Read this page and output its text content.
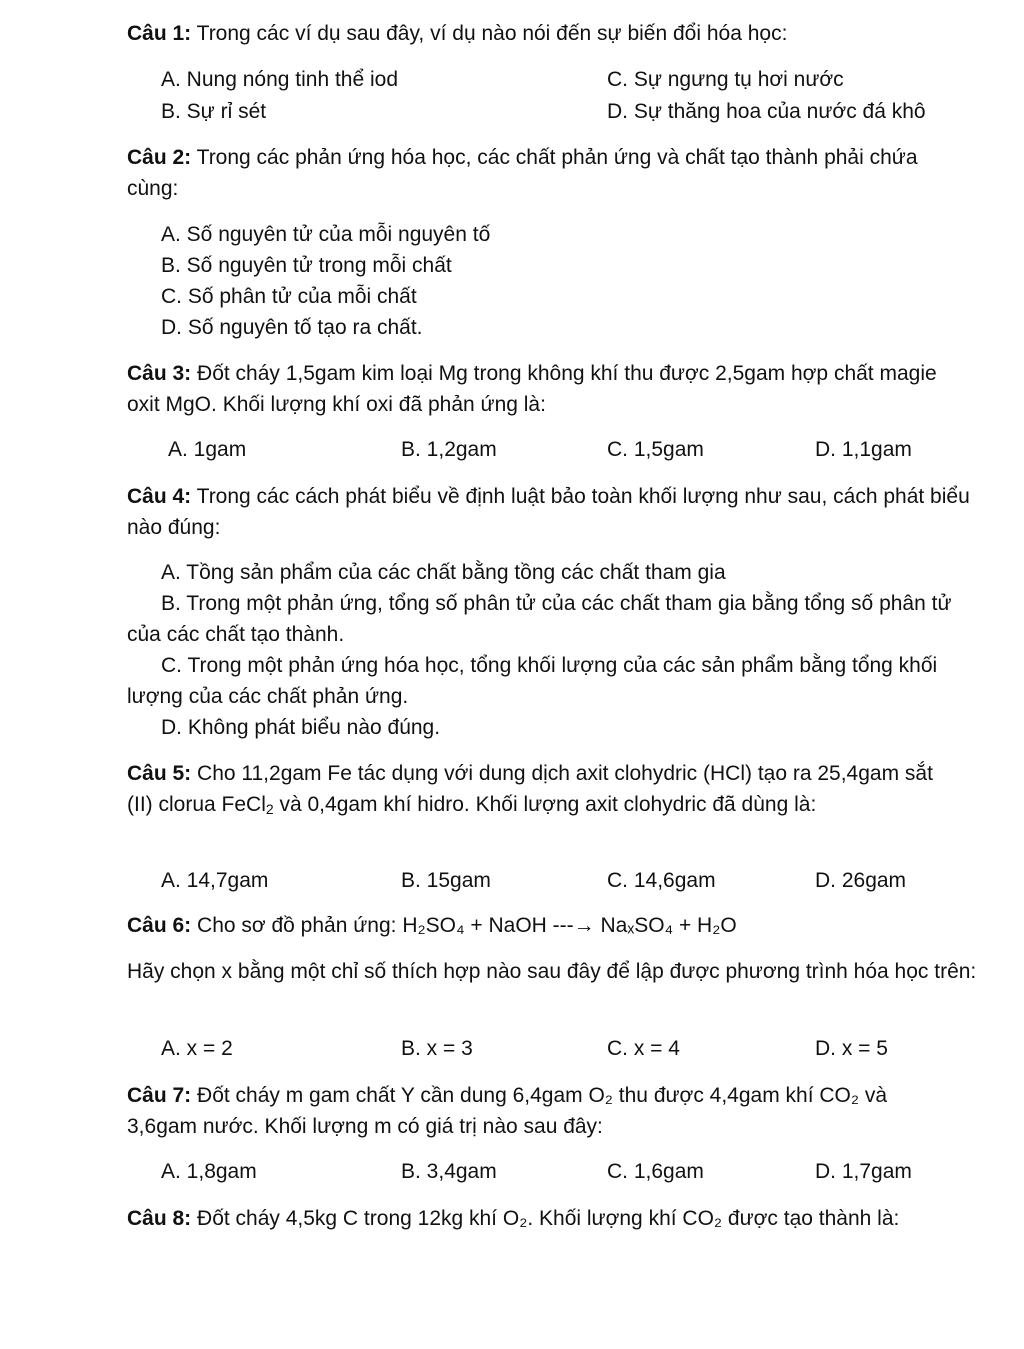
Câu 1: Trong các ví dụ sau đây, ví dụ nào nói đến sự biến đổi hóa học:
A. Nung nóng tinh thể iod	C. Sự ngưng tụ hơi nước
B. Sự rỉ sét	D. Sự thăng hoa của nước đá khô
Câu 2: Trong các phản ứng hóa học, các chất phản ứng và chất tạo thành phải chứa cùng:
A. Số nguyên tử của mỗi nguyên tố
B. Số nguyên tử trong mỗi chất
C. Số phân tử của mỗi chất
D. Số nguyên tố tạo ra chất.
Câu 3: Đốt cháy 1,5gam kim loại Mg trong không khí thu được 2,5gam hợp chất magie oxit MgO. Khối lượng khí oxi đã phản ứng là:
A. 1gam	B. 1,2gam	C. 1,5gam	D. 1,1gam
Câu 4: Trong các cách phát biểu về định luật bảo toàn khối lượng như sau, cách phát biểu nào đúng:
A. Tồng sản phẩm của các chất bằng tồng các chất tham gia
B. Trong một phản ứng, tổng số phân tử của các chất tham gia bằng tổng số phân tử của các chất tạo thành.
C. Trong một phản ứng hóa học, tổng khối lượng của các sản phẩm bằng tổng khối lượng của các chất phản ứng.
D. Không phát biểu nào đúng.
Câu 5: Cho 11,2gam Fe tác dụng với dung dịch axit clohydric (HCl) tạo ra 25,4gam sắt (II) clorua FeCl$_2$ và 0,4gam khí hidro. Khối lượng axit clohydric đã dùng là:
A. 14,7gam	B. 15gam	C. 14,6gam	D. 26gam
Câu 6: Cho sơ đồ phản ứng: H₂SO₄ + NaOH ---→ NaₓSO₄ + H₂O
Hãy chọn x bằng một chỉ số thích hợp nào sau đây để lập được phương trình hóa học trên:
A. x = 2	B. x = 3	C. x = 4	D. x = 5
Câu 7: Đốt cháy m gam chất Y cần dung 6,4gam O₂ thu được 4,4gam khí CO₂ và 3,6gam nước. Khối lượng m có giá trị nào sau đây:
A. 1,8gam	B. 3,4gam	C. 1,6gam	D. 1,7gam
Câu 8: Đốt cháy 4,5kg C trong 12kg khí O₂. Khối lượng khí CO₂ được tạo thành là:
